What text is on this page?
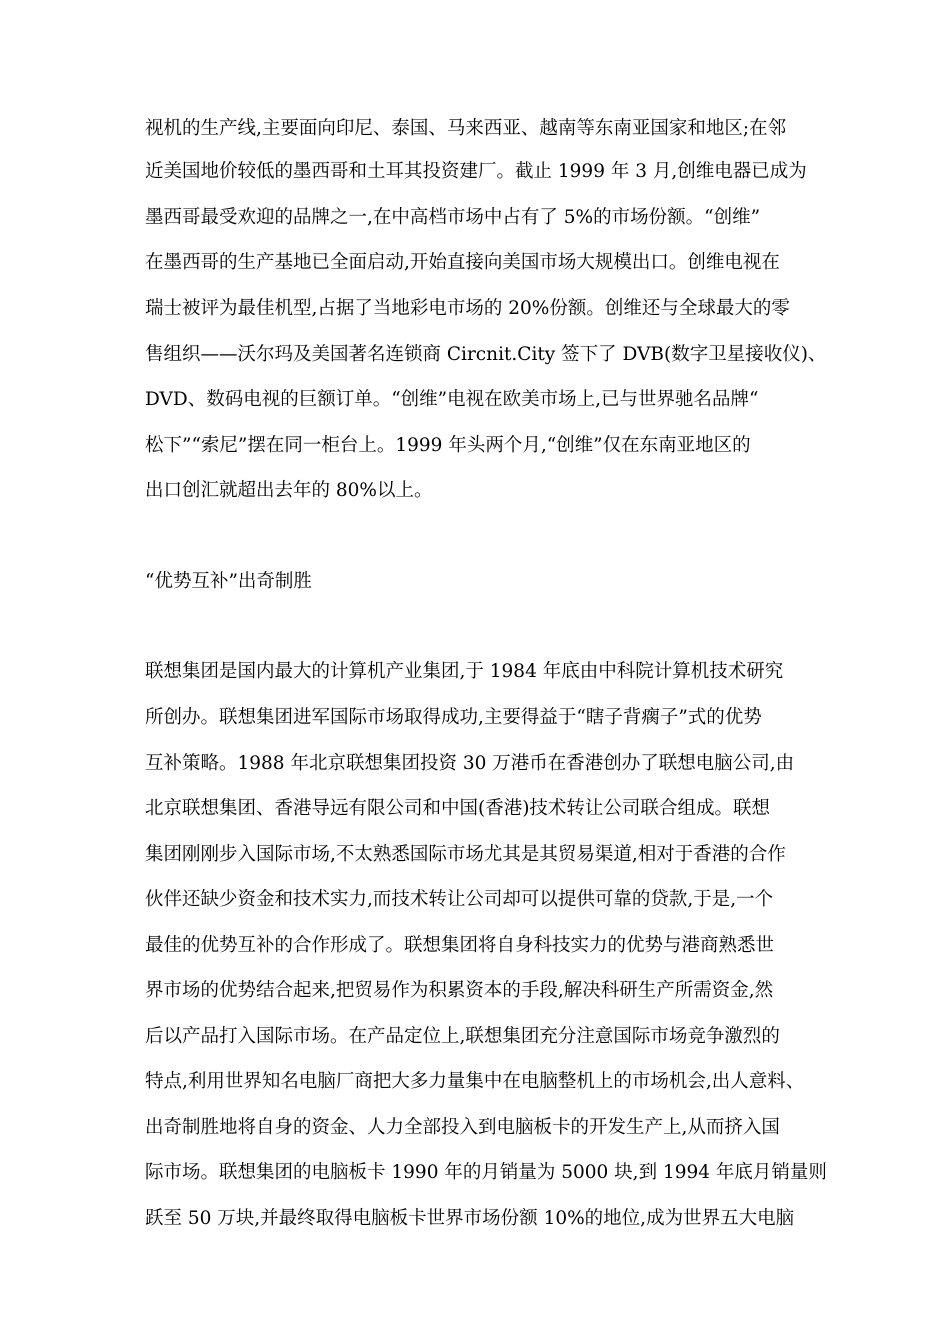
视机的生产线,主要面向印尼、泰国、马来西亚、越南等东南亚国家和地区;在邻
近美国地价较低的墨西哥和土耳其投资建厂。截止 1999 年 3 月,创维电器已成为
墨西哥最受欢迎的品牌之一,在中高档市场中占有了 5%的市场份额。“创维”
在墨西哥的生产基地已全面启动,开始直接向美国市场大规模出口。创维电视在
瑞士被评为最佳机型,占据了当地彩电市场的 20%份额。创维还与全球最大的零
售组织——沃尔玛及美国著名连锁商 Circnit.City 签下了 DVB(数字卫星接收仪)、
DVD、数码电视的巨额订单。“创维”电视在欧美市场上,已与世界驰名品牌“
松下”“索尼”摆在同一柜台上。1999 年头两个月,“创维”仅在东南亚地区的
出口创汇就超出去年的 80%以上。
“优势互补”出奇制胜
联想集团是国内最大的计算机产业集团,于 1984 年底由中科院计算机技术研究
所创办。联想集团进军国际市场取得成功,主要得益于“瞎子背瘸子”式的优势
互补策略。1988 年北京联想集团投资 30 万港币在香港创办了联想电脑公司,由
北京联想集团、香港导远有限公司和中国(香港)技术转让公司联合组成。联想
集团刚刚步入国际市场,不太熟悉国际市场尤其是其贸易渠道,相对于香港的合作
伙伴还缺少资金和技术实力,而技术转让公司却可以提供可靠的贷款,于是,一个
最佳的优势互补的合作形成了。联想集团将自身科技实力的优势与港商熟悉世
界市场的优势结合起来,把贸易作为积累资本的手段,解决科研生产所需资金,然
后以产品打入国际市场。在产品定位上,联想集团充分注意国际市场竞争激烈的
特点,利用世界知名电脑厂商把大多力量集中在电脑整机上的市场机会,出人意料、
出奇制胜地将自身的资金、人力全部投入到电脑板卡的开发生产上,从而挤入国
际市场。联想集团的电脑板卡 1990 年的月销量为 5000 块,到 1994 年底月销量则
跃至 50 万块,并最终取得电脑板卡世界市场份额 10%的地位,成为世界五大电脑
